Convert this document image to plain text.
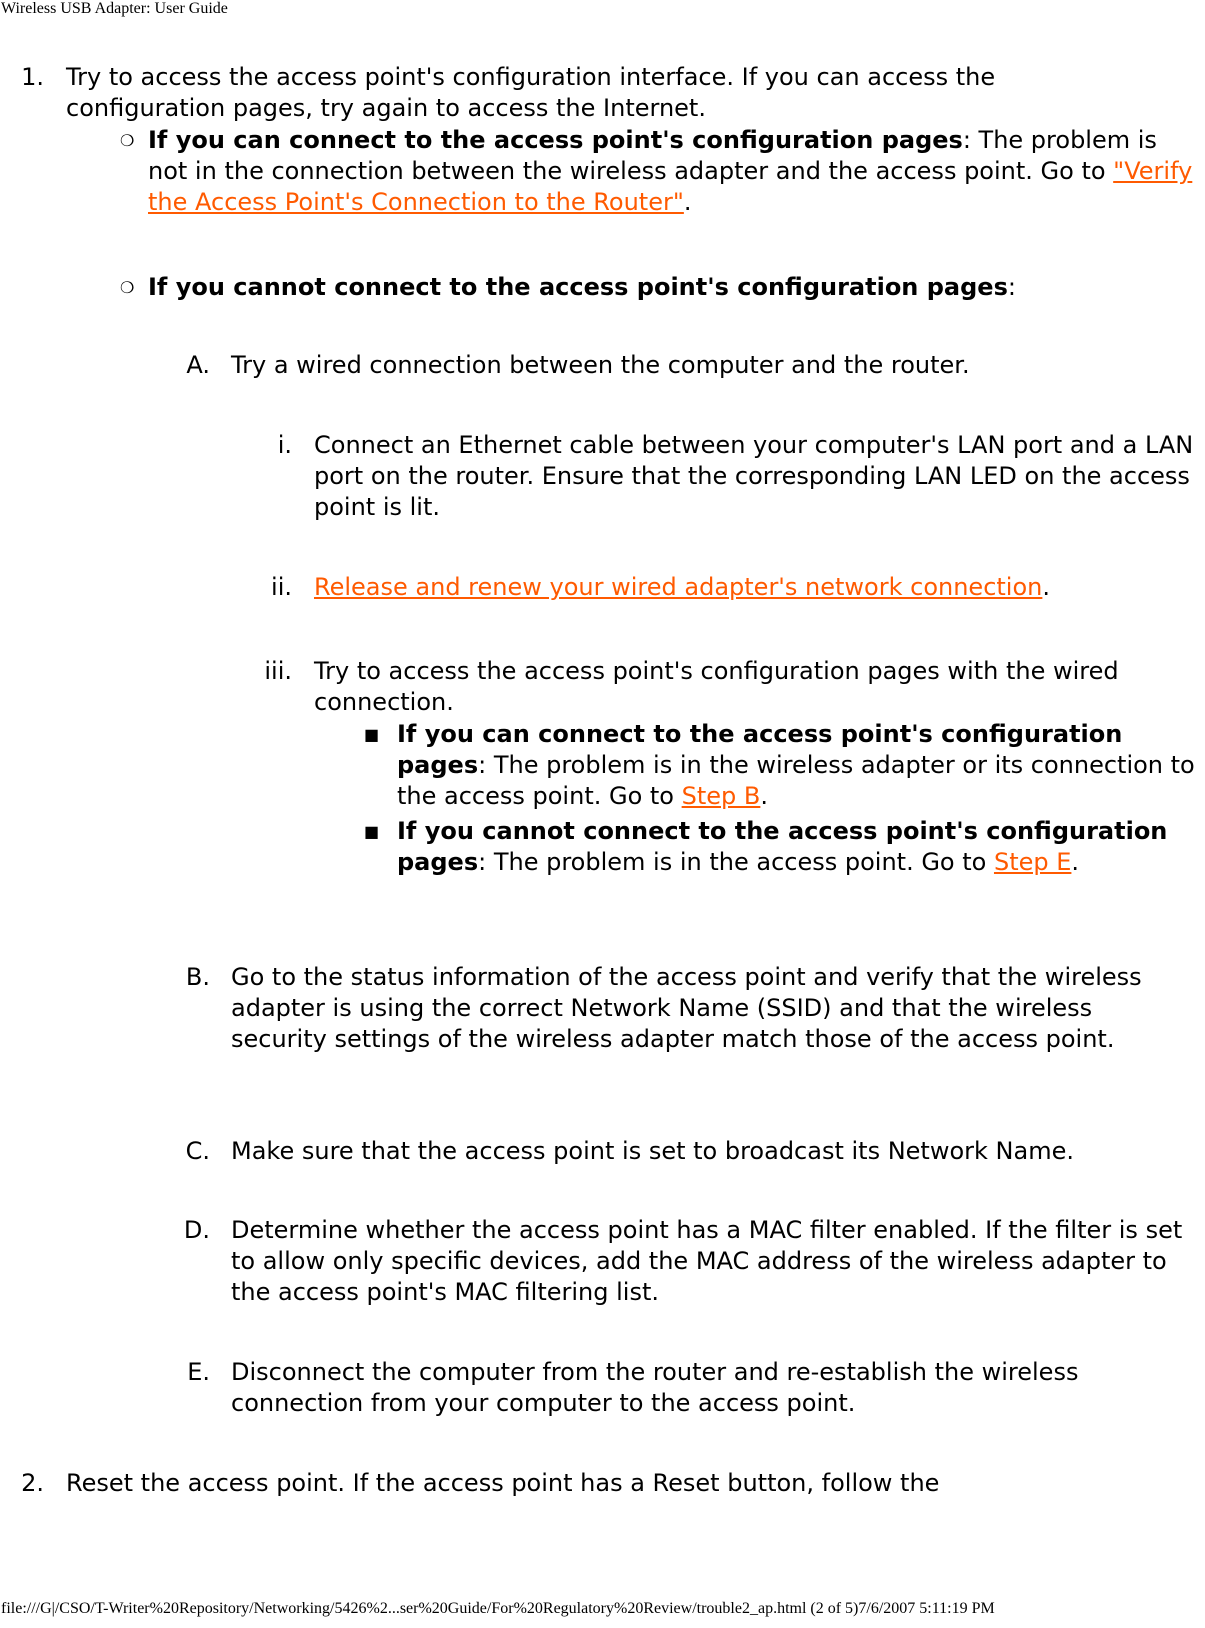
Wireless USB Adapter: User Guide
1. Try to access the access point's configuration interface. If you can access the configuration pages, try again to access the Internet.
❍ If you can connect to the access point's configuration pages: The problem is not in the connection between the wireless adapter and the access point. Go to "Verify the Access Point's Connection to the Router".
❍ If you cannot connect to the access point's configuration pages:
A. Try a wired connection between the computer and the router.
i. Connect an Ethernet cable between your computer's LAN port and a LAN port on the router. Ensure that the corresponding LAN LED on the access point is lit.
ii. Release and renew your wired adapter's network connection.
iii. Try to access the access point's configuration pages with the wired connection.
■ If you can connect to the access point's configuration pages: The problem is in the wireless adapter or its connection to the access point. Go to Step B.
■ If you cannot connect to the access point's configuration pages: The problem is in the access point. Go to Step E.
B. Go to the status information of the access point and verify that the wireless adapter is using the correct Network Name (SSID) and that the wireless security settings of the wireless adapter match those of the access point.
C. Make sure that the access point is set to broadcast its Network Name.
D. Determine whether the access point has a MAC filter enabled. If the filter is set to allow only specific devices, add the MAC address of the wireless adapter to the access point's MAC filtering list.
E. Disconnect the computer from the router and re-establish the wireless connection from your computer to the access point.
2. Reset the access point. If the access point has a Reset button, follow the
file:///G|/CSO/T-Writer%20Repository/Networking/5426%2...ser%20Guide/For%20Regulatory%20Review/trouble2_ap.html (2 of 5)7/6/2007 5:11:19 PM
